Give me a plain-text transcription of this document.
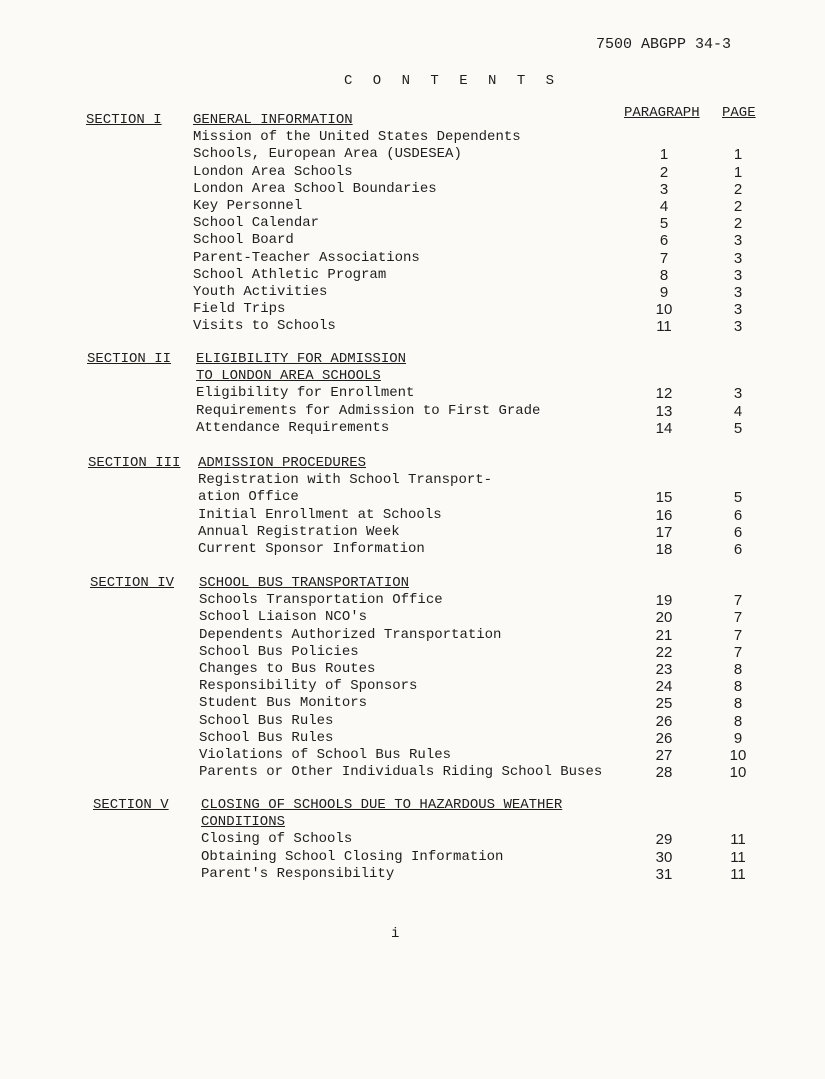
7500 ABGPP 34-3
C O N T E N T S
PARAGRAPH PAGE
SECTION I GENERAL INFORMATION
Mission of the United States Dependents
Schools, European Area (USDESEA)	1	1
London Area Schools	2	1
London Area School Boundaries	3	2
Key Personnel	4	2
School Calendar	5	2
School Board	6	3
Parent-Teacher Associations	7	3
School Athletic Program	8	3
Youth Activities	9	3
Field Trips	10	3
Visits to Schools	11	3
SECTION II ELIGIBILITY FOR ADMISSION
TO LONDON AREA SCHOOLS
Eligibility for Enrollment	12	3
Requirements for Admission to First Grade	13	4
Attendance Requirements	14	5
SECTION III ADMISSION PROCEDURES
Registration with School Transport-
ation Office	15	5
Initial Enrollment at Schools	16	6
Annual Registration Week	17	6
Current Sponsor Information	18	6
SECTION IV SCHOOL BUS TRANSPORTATION
Schools Transportation Office	19	7
School Liaison NCO's	20	7
Dependents Authorized Transportation	21	7
School Bus Policies	22	7
Changes to Bus Routes	23	8
Responsibility of Sponsors	24	8
Student Bus Monitors	25	8
School Bus Rules	26	8
School Bus Rules	26	9
Violations of School Bus Rules	27	10
Parents or Other Individuals Riding School Buses	28	10
SECTION V CLOSING OF SCHOOLS DUE TO HAZARDOUS WEATHER
CONDITIONS
Closing of Schools	29	11
Obtaining School Closing Information	30	11
Parent's Responsibility	31	11
i
